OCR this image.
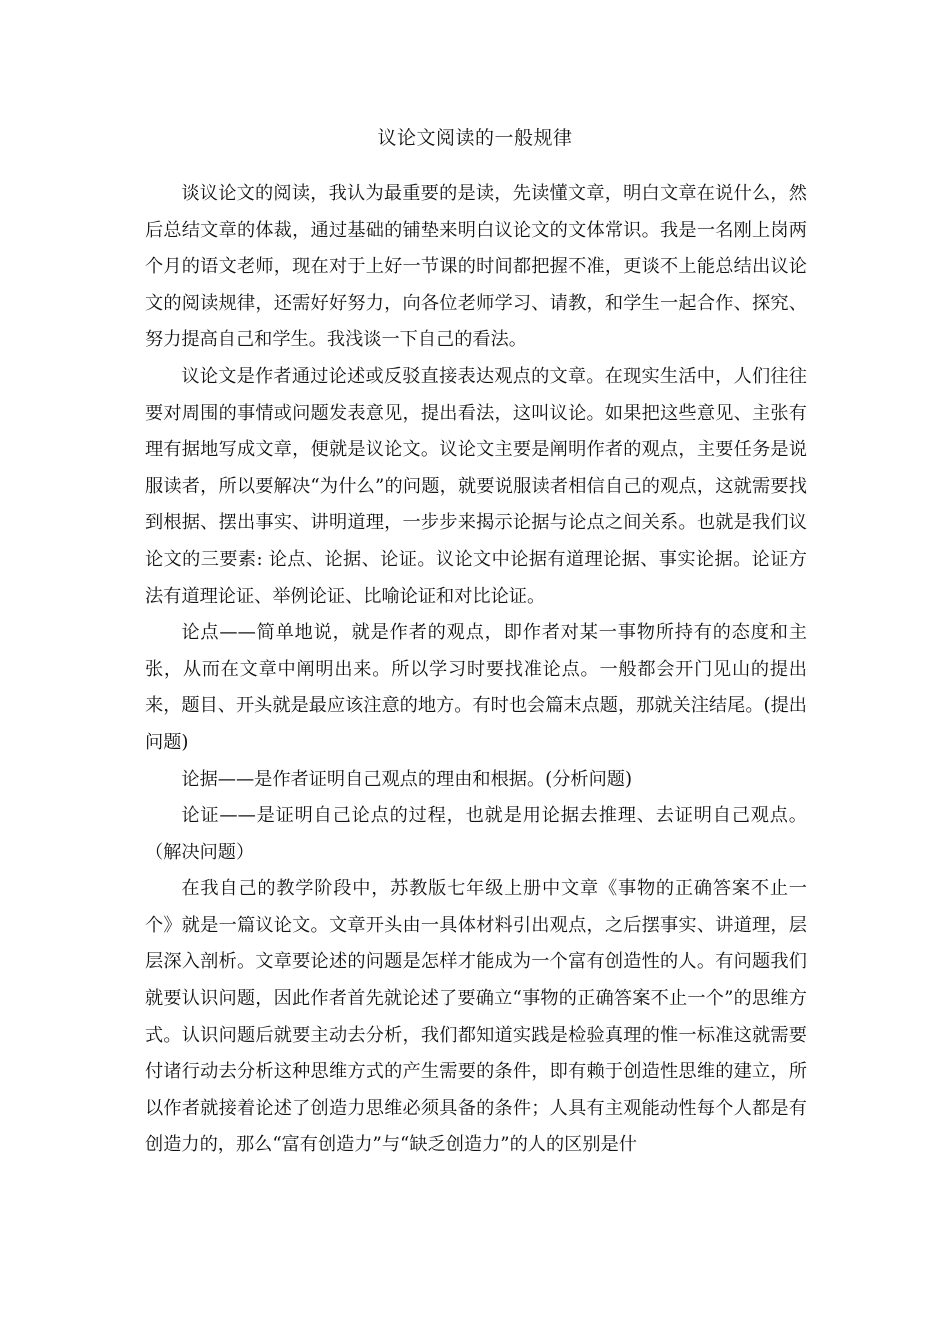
议论文阅读的一般规律

谈议论文的阅读，我认为最重要的是读，先读懂文章，明白文章在说什么，然后总结文章的体裁，通过基础的铺垫来明白议论文的文体常识。我是一名刚上岗两个月的语文老师，现在对于上好一节课的时间都把握不准，更谈不上能总结出议论文的阅读规律，还需好好努力，向各位老师学习、请教，和学生一起合作、探究、努力提高自己和学生。我浅谈一下自己的看法。

议论文是作者通过论述或反驳直接表达观点的文章。在现实生活中，人们往往要对周围的事情或问题发表意见，提出看法，这叫议论。如果把这些意见、主张有理有据地写成文章，便就是议论文。议论文主要是阐明作者的观点，主要任务是说服读者，所以要解决“为什么”的问题，就要说服读者相信自己的观点，这就需要找到根据、摆出事实、讲明道理，一步步来揭示论据与论点之间关系。也就是我们议论文的三要素: 论点、论据、论证。议论文中论据有道理论据、事实论据。论证方法有道理论证、举例论证、比喻论证和对比论证。

论点——简单地说，就是作者的观点，即作者对某一事物所持有的态度和主张，从而在文章中阐明出来。所以学习时要找准论点。一般都会开门见山的提出来，题目、开头就是最应该注意的地方。有时也会篇末点题，那就关注结尾。(提出问题)

论据——是作者证明自己观点的理由和根据。(分析问题)

论证——是证明自己论点的过程，也就是用论据去推理、去证明自己观点。（解决问题）

在我自己的教学阶段中，苏教版七年级上册中文章《事物的正确答案不止一个》就是一篇议论文。文章开头由一具体材料引出观点，之后摆事实、讲道理，层层深入剖析。文章要论述的问题是怎样才能成为一个富有创造性的人。有问题我们就要认识问题，因此作者首先就论述了要确立“事物的正确答案不止一个”的思维方式。认识问题后就要主动去分析，我们都知道实践是检验真理的惟一标准这就需要付诸行动去分析这种思维方式的产生需要的条件，即有赖于创造性思维的建立，所以作者就接着论述了创造力思维必须具备的条件；人具有主观能动性每个人都是有创造力的，那么“富有创造力”与“缺乏创造力”的人的区别是什
